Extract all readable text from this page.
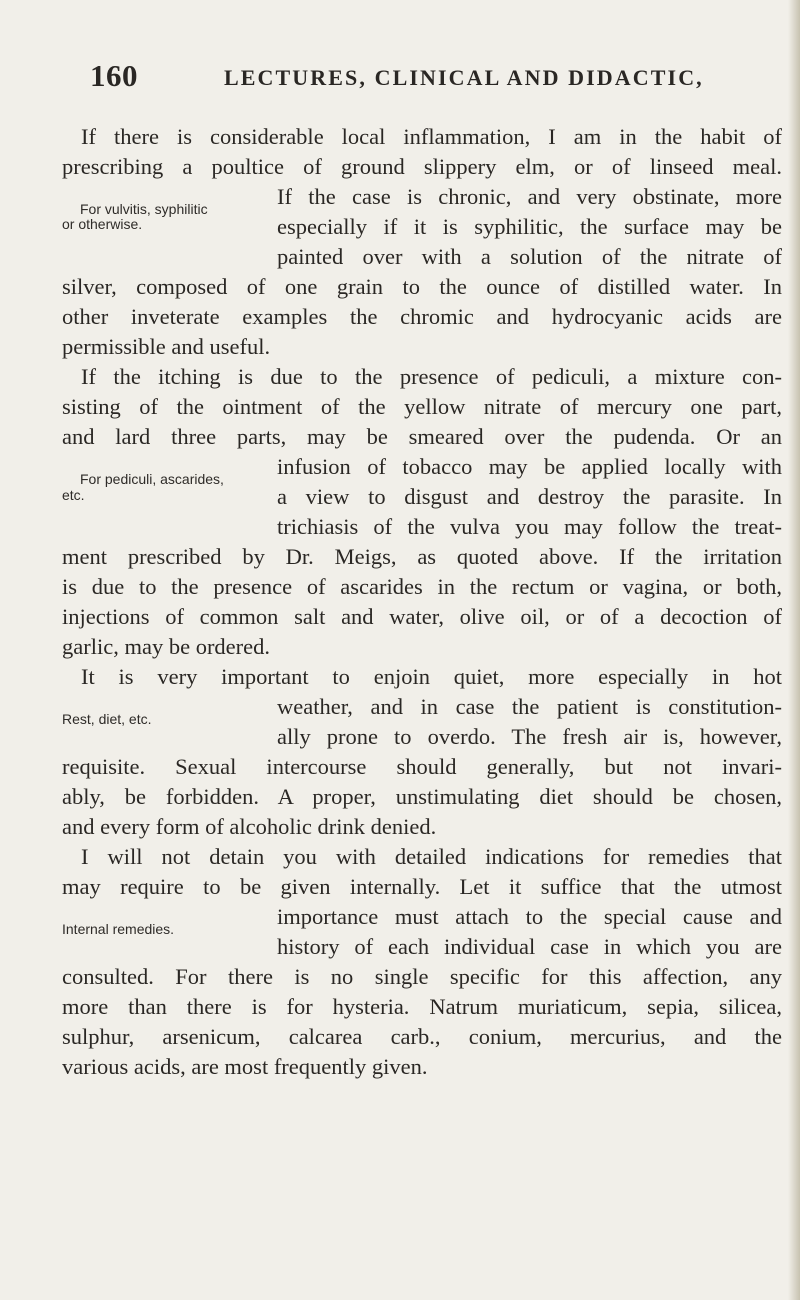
160	LECTURES, CLINICAL AND DIDACTIC,
If there is considerable local inflammation, I am in the habit of
prescribing a poultice of ground slippery elm, or of linseed meal.
If the case is chronic, and very obstinate, more
especially if it is syphilitic, the surface may be
painted over with a solution of the nitrate of
silver, composed of one grain to the ounce of distilled water. In
other inveterate examples the chromic and hydrocyanic acids are
permissible and useful.
For vulvitis, syphilitic
or otherwise.
If the itching is due to the presence of pediculi, a mixture con-
sisting of the ointment of the yellow nitrate of mercury one part,
and lard three parts, may be smeared over the pudenda. Or an
infusion of tobacco may be applied locally with
a view to disgust and destroy the parasite. In
trichiasis of the vulva you may follow the treat-
ment prescribed by Dr. Meigs, as quoted above. If the irritation
is due to the presence of ascarides in the rectum or vagina, or both,
injections of common salt and water, olive oil, or of a decoction of
garlic, may be ordered.
For pediculi, ascarides,
etc.
It is very important to enjoin quiet, more especially in hot
weather, and in case the patient is constitution-
ally prone to overdo. The fresh air is, however,
requisite. Sexual intercourse should generally, but not invari-
ably, be forbidden. A proper, unstimulating diet should be chosen,
and every form of alcoholic drink denied.
Rest, diet, etc.
I will not detain you with detailed indications for remedies that
may require to be given internally. Let it suffice that the utmost
importance must attach to the special cause and
history of each individual case in which you are
consulted. For there is no single specific for this affection, any
more than there is for hysteria. Natrum muriaticum, sepia, silicea,
sulphur, arsenicum, calcarea carb., conium, mercurius, and the
various acids, are most frequently given.
Internal remedies.
